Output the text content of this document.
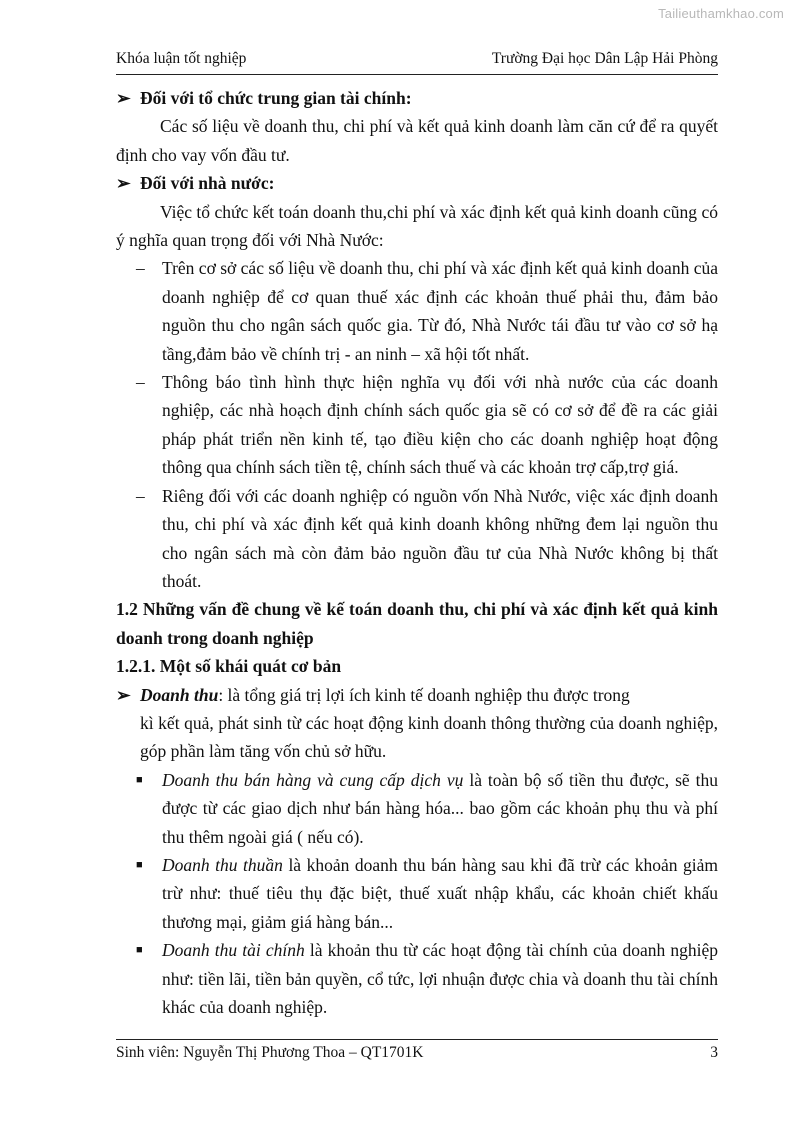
Tailieuthamkhao.com
Khóa luận tốt nghiệp	Trường Đại học Dân Lập Hải Phòng

➢ Đối với tổ chức trung gian tài chính:

Các số liệu về doanh thu, chi phí và kết quả kinh doanh làm căn cứ để ra quyết định cho vay vốn đầu tư.

➢ Đối với nhà nước:

Việc tổ chức kết toán doanh thu,chi phí và xác định kết quả kinh doanh cũng có ý nghĩa quan trọng đối với Nhà Nước:

– Trên cơ sở các số liệu về doanh thu, chi phí và xác định kết quả kinh doanh của doanh nghiệp để cơ quan thuế xác định các khoản thuế phải thu, đảm bảo nguồn thu cho ngân sách quốc gia. Từ đó, Nhà Nước tái đầu tư vào cơ sở hạ tầng,đảm bảo về chính trị - an ninh – xã hội tốt nhất.

– Thông báo tình hình thực hiện nghĩa vụ đối với nhà nước của các doanh nghiệp, các nhà hoạch định chính sách quốc gia sẽ có cơ sở để đề ra các giải pháp phát triển nền kinh tế, tạo điều kiện cho các doanh nghiệp hoạt động thông qua chính sách tiền tệ, chính sách thuế và các khoản trợ cấp,trợ giá.

– Riêng đối với các doanh nghiệp có nguồn vốn Nhà Nước, việc xác định doanh thu, chi phí và xác định kết quả kinh doanh không những đem lại nguồn thu cho ngân sách mà còn đảm bảo nguồn đầu tư của Nhà Nước không bị thất thoát.

1.2 Những vấn đề chung về kế toán doanh thu, chi phí và xác định kết quả kinh doanh trong doanh nghiệp

1.2.1. Một số khái quát cơ bản

➢ Doanh thu: là tổng giá trị lợi ích kinh tế doanh nghiệp thu được trong

kì kết quả, phát sinh từ các hoạt động kinh doanh thông thường của doanh nghiệp, góp phần làm tăng vốn chủ sở hữu.

■ Doanh thu bán hàng và cung cấp dịch vụ là toàn bộ số tiền thu được, sẽ thu được từ các giao dịch như bán hàng hóa... bao gồm các khoản phụ thu và phí thu thêm ngoài giá ( nếu có).

■ Doanh thu thuần là khoản doanh thu bán hàng sau khi đã trừ các khoản giảm trừ như: thuế tiêu thụ đặc biệt, thuế xuất nhập khẩu, các khoản chiết khấu thương mại, giảm giá hàng bán...

■ Doanh thu tài chính là khoản thu từ các hoạt động tài chính của doanh nghiệp như: tiền lãi, tiền bản quyền, cổ tức, lợi nhuận được chia và doanh thu tài chính khác của doanh nghiệp.

Sinh viên: Nguyễn Thị Phương Thoa – QT1701K	3
